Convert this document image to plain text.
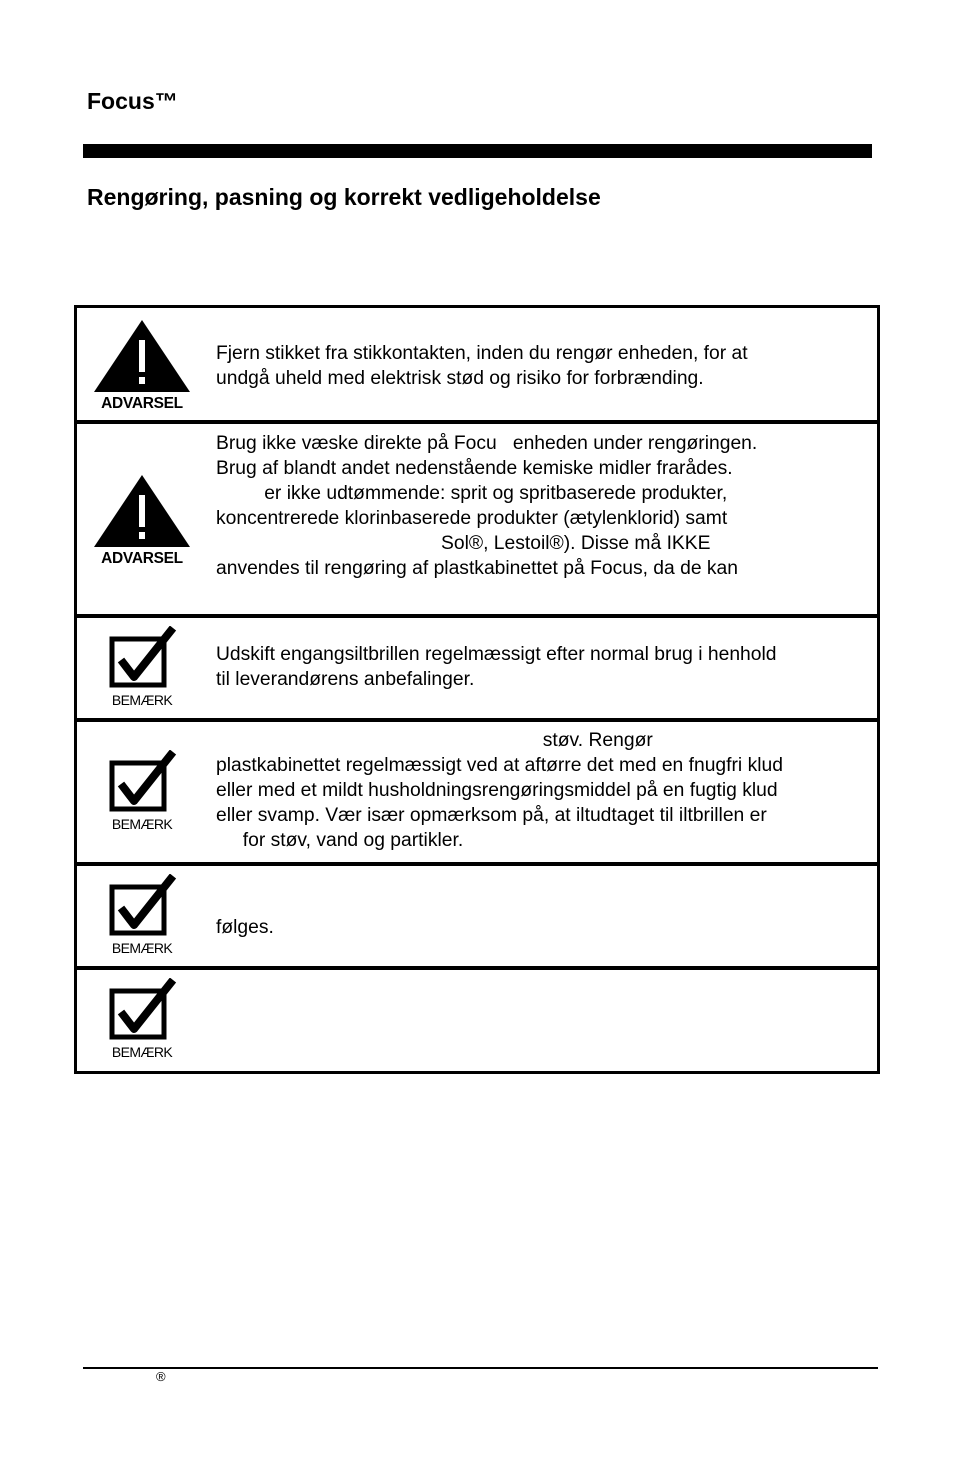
Focus™
Rengøring, pasning og korrekt vedligeholdelse
ADVARSEL
Fjern stikket fra stikkontakten, inden du rengør enheden, for at
undgå uheld med elektrisk stød og risiko for forbrænding.
ADVARSEL
Brug ikke væske direkte på Focu   enheden under rengøringen.
Brug af blandt andet nedenstående kemiske midler frarådes.
er ikke udtømmende: sprit og spritbaserede produkter,
koncentrerede klorinbaserede produkter (ætylenklorid) samt
Sol®, Lestoil®). Disse må IKKE
anvendes til rengøring af plastkabinettet på Focus, da de kan
BEMÆRK
Udskift engangsiltbrillen regelmæssigt efter normal brug i henhold
til leverandørens anbefalinger.
BEMÆRK
støv. Rengør
plastkabinettet regelmæssigt ved at aftørre det med en fnugfri klud
eller med et mildt husholdningsrengøringsmiddel på en fugtig klud
eller svamp. Vær især opmærksom på, at iltudtaget til iltbrillen er
for støv, vand og partikler.
BEMÆRK
følges.
BEMÆRK
®
